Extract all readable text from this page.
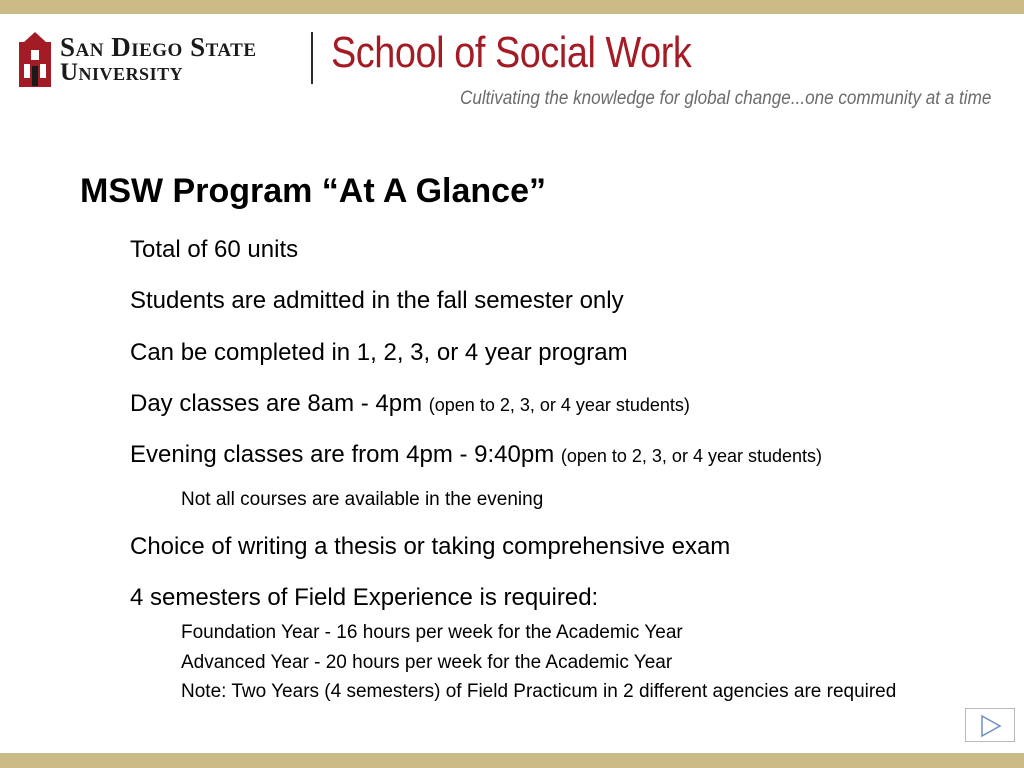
San Diego State
University	School of Social Work
Cultivating the knowledge for global change...one community at a time
MSW Program “At A Glance”
Total of 60 units
Students are admitted in the fall semester only
Can be completed in 1, 2, 3, or 4 year program
Day classes are 8am - 4pm (open to 2, 3, or 4 year students)
Evening classes are from 4pm - 9:40pm (open to 2, 3, or 4 year students)
Not all courses are available in the evening
Choice of writing a thesis or taking comprehensive exam
4 semesters of Field Experience is required:
Foundation Year - 16 hours per week for the Academic Year
Advanced Year - 20 hours per week for the Academic Year
Note: Two Years (4 semesters) of Field Practicum in 2 different agencies are required
